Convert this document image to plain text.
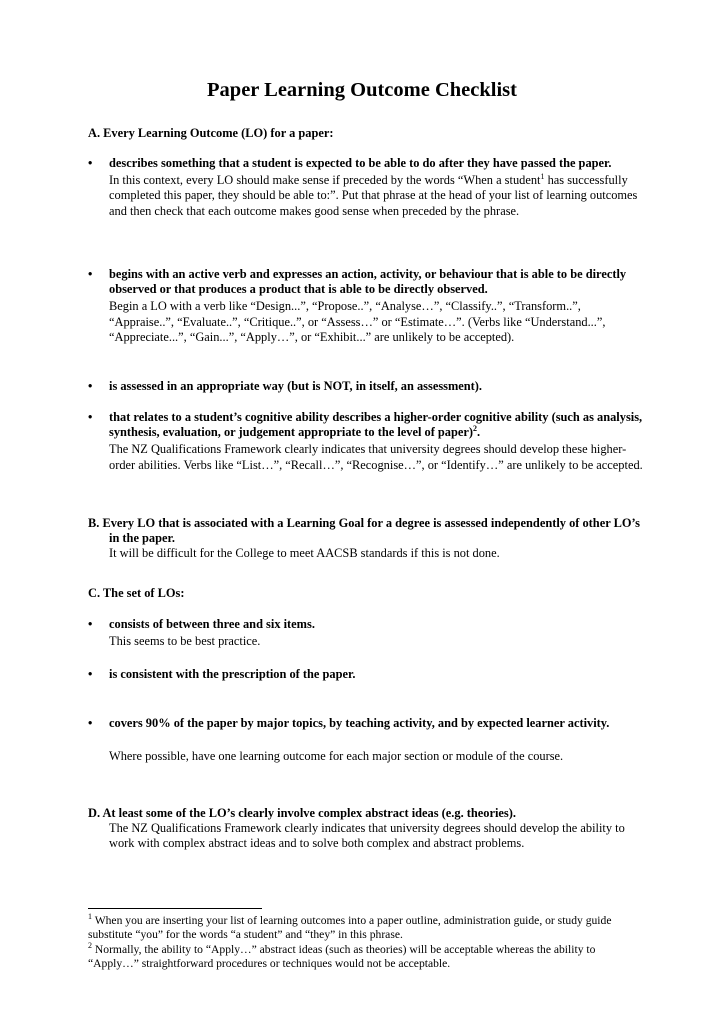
Paper Learning Outcome Checklist
A. Every Learning Outcome (LO) for a paper:
• describes something that a student is expected to be able to do after they have passed the paper.
In this context, every LO should make sense if preceded by the words “When a student$^1$ has successfully completed this paper, they should be able to:”. Put that phrase at the head of your list of learning outcomes and then check that each outcome makes good sense when preceded by the phrase.
• begins with an active verb and expresses an action, activity, or behaviour that is able to be directly observed or that produces a product that is able to be directly observed.
Begin a LO with a verb like “Design...”, “Propose..”, “Analyse…”, “Classify..”, “Transform..”, “Appraise..”, “Evaluate..”, “Critique..”, or “Assess…” or “Estimate…”. (Verbs like “Understand...”, “Appreciate...”, “Gain...”, “Apply…”, or “Exhibit...” are unlikely to be accepted).
• is assessed in an appropriate way (but is NOT, in itself, an assessment).
• that relates to a student’s cognitive ability describes a higher-order cognitive ability (such as analysis, synthesis, evaluation, or judgement appropriate to the level of paper)$^2$.
The NZ Qualifications Framework clearly indicates that university degrees should develop these higher-order abilities. Verbs like “List…”, “Recall…”, “Recognise…”, or “Identify…” are unlikely to be accepted.
B. Every LO that is associated with a Learning Goal for a degree is assessed independently of other LO’s in the paper.
It will be difficult for the College to meet AACSB standards if this is not done.
C. The set of LOs:
• consists of between three and six items.
This seems to be best practice.
• is consistent with the prescription of the paper.
• covers 90% of the paper by major topics, by teaching activity, and by expected learner activity.
Where possible, have one learning outcome for each major section or module of the course.
D. At least some of the LO’s clearly involve complex abstract ideas (e.g. theories).
The NZ Qualifications Framework clearly indicates that university degrees should develop the ability to work with complex abstract ideas and to solve both complex and abstract problems.
$^1$ When you are inserting your list of learning outcomes into a paper outline, administration guide, or study guide substitute “you” for the words “a student” and “they” in this phrase.
$^2$ Normally, the ability to “Apply…” abstract ideas (such as theories) will be acceptable whereas the ability to “Apply…” straightforward procedures or techniques would not be acceptable.
